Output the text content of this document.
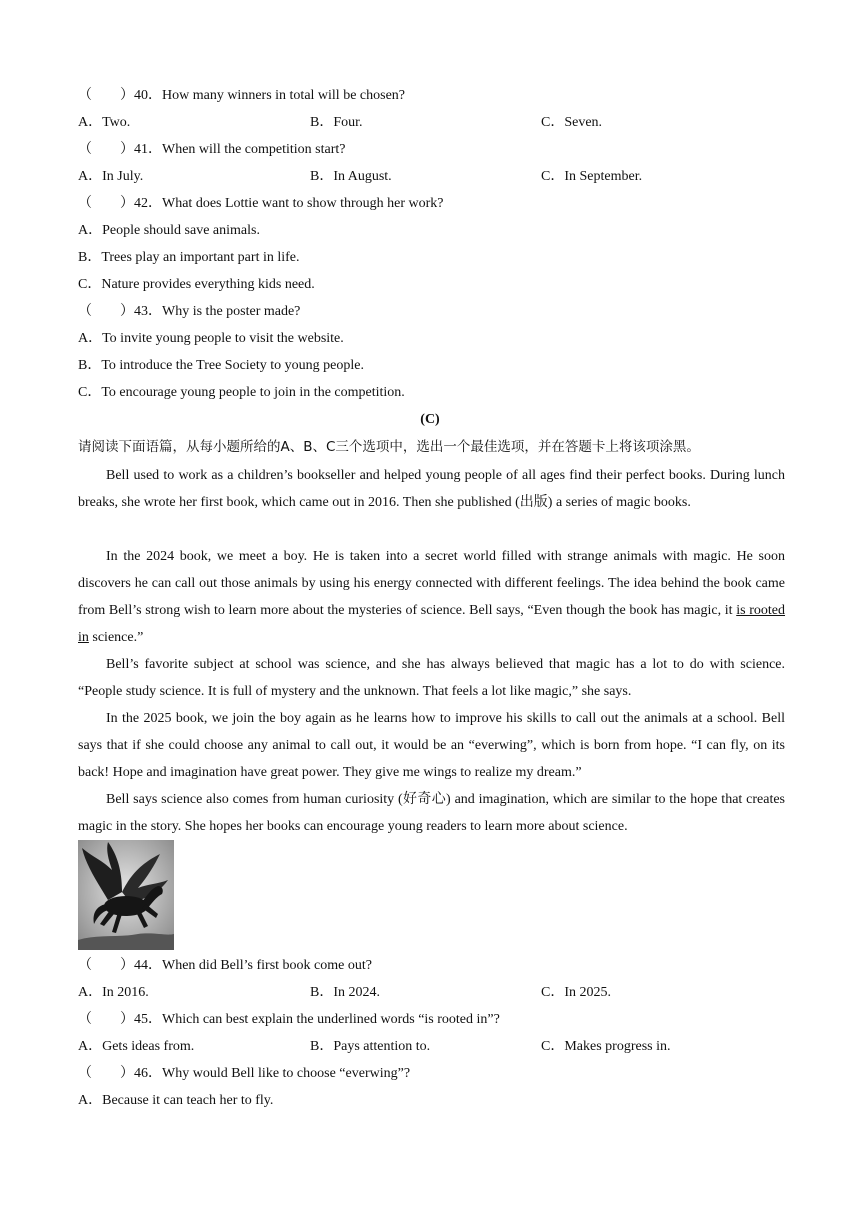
（　　）40．How many winners in total will be chosen?
A．Two.	B．Four.	C．Seven.
（　　）41．When will the competition start?
A．In July.	B．In August.	C．In September.
（　　）42．What does Lottie want to show through her work?
A．People should save animals.
B．Trees play an important part in life.
C．Nature provides everything kids need.
（　　）43．Why is the poster made?
A．To invite young people to visit the website.
B．To introduce the Tree Society to young people.
C．To encourage young people to join in the competition.
(C)
请阅读下面语篇，从每小题所给的A、B、C三个选项中，选出一个最佳选项，并在答题卡上将该项涂黑。
Bell used to work as a children’s bookseller and helped young people of all ages find their perfect books. During lunch breaks, she wrote her first book, which came out in 2016. Then she published (出版) a series of magic books.
In the 2024 book, we meet a boy. He is taken into a secret world filled with strange animals with magic. He soon discovers he can call out those animals by using his energy connected with different feelings. The idea behind the book came from Bell’s strong wish to learn more about the mysteries of science. Bell says, “Even though the book has magic, it is rooted in science.”
Bell’s favorite subject at school was science, and she has always believed that magic has a lot to do with science. “People study science. It is full of mystery and the unknown. That feels a lot like magic,” she says.
In the 2025 book, we join the boy again as he learns how to improve his skills to call out the animals at a school. Bell says that if she could choose any animal to call out, it would be an “everwing”, which is born from hope. “I can fly, on its back! Hope and imagination have great power. They give me wings to realize my dream.”
Bell says science also comes from human curiosity (好奇心) and imagination, which are similar to the hope that creates magic in the story. She hopes her books can encourage young readers to learn more about science.
（　　）44．When did Bell’s first book come out?
A．In 2016.	B．In 2024.	C．In 2025.
（　　）45．Which can best explain the underlined words “is rooted in”?
A．Gets ideas from.	B．Pays attention to.	C．Makes progress in.
（　　）46．Why would Bell like to choose “everwing”?
A．Because it can teach her to fly.
